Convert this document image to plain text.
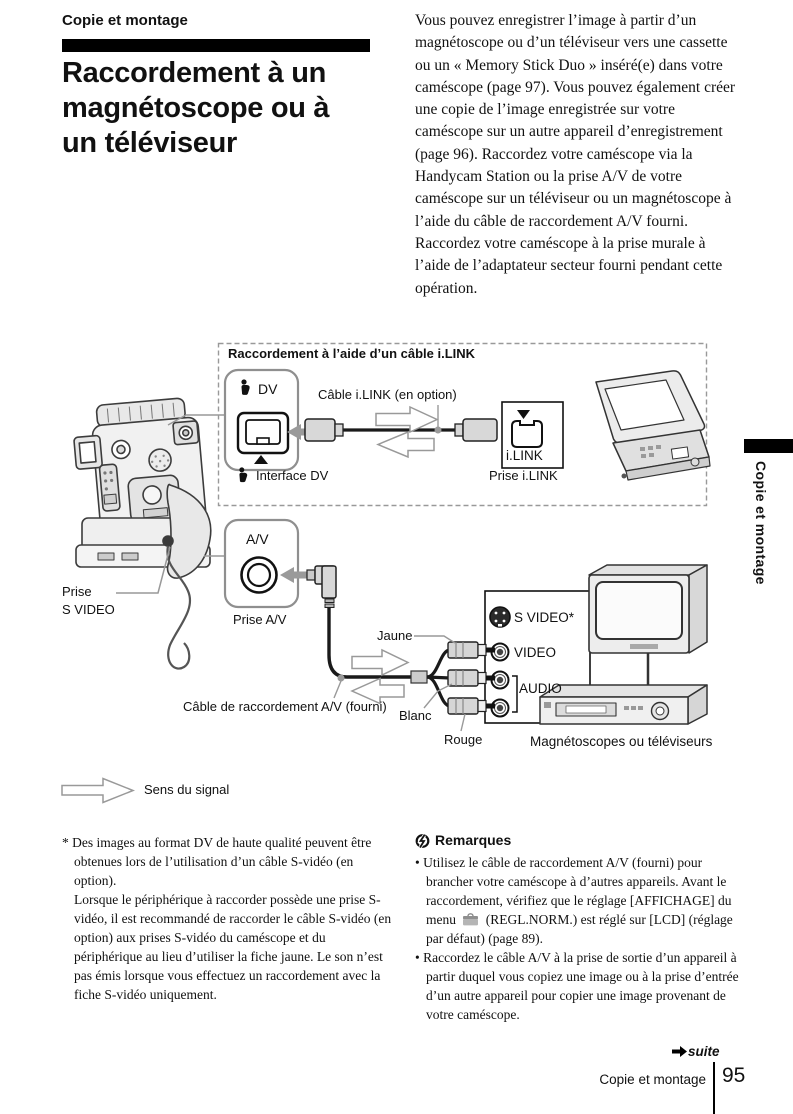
Copie et montage
Raccordement à un
magnétoscope ou à
un téléviseur
Vous pouvez enregistrer l’image à partir d’un magnétoscope ou d’un téléviseur vers une cassette ou un « Memory Stick Duo » inséré(e) dans votre caméscope (page 97). Vous pouvez également créer une copie de l’image enregistrée sur votre caméscope sur un autre appareil d’enregistrement (page 96). Raccordez votre caméscope via la Handycam Station ou la prise A/V de votre caméscope sur un téléviseur ou un magnétoscope à l’aide du câble de raccordement A/V fourni. Raccordez votre caméscope à la prise murale à l’aide de l’adaptateur secteur fourni pendant cette opération.
Raccordement à l’aide d’un câble i.LINK
DV	Câble i.LINK (en option)
Interface DV
i.LINK
Prise i.LINK
A/V
Prise A/V
Prise
S VIDEO
Jaune
Câble de raccordement A/V (fourni)
Blanc
Rouge
S VIDEO*
VIDEO
AUDIO
Magnétoscopes ou téléviseurs
Sens du signal

* Des images au format DV de haute qualité peuvent être obtenues lors de l’utilisation d’un câble S-vidéo (en option).

Lorsque le périphérique à raccorder possède une prise S-vidéo, il est recommandé de raccorder le câble S-vidéo (en option) aux prises S-vidéo du caméscope et du périphérique au lieu d’utiliser la fiche jaune. Le son n’est pas émis lorsque vous effectuez un raccordement avec la fiche S-vidéo uniquement.

Remarques

• Utilisez le câble de raccordement A/V (fourni) pour brancher votre caméscope à d’autres appareils. Avant le raccordement, vérifiez que le réglage [AFFICHAGE] du menu (REGL.NORM.) est réglé sur [LCD] (réglage par défaut) (page 89).

• Raccordez le câble A/V à la prise de sortie d’un appareil à partir duquel vous copiez une image ou à la prise d’entrée d’un autre appareil pour copier une image provenant de votre caméscope.

suite
Copie et montage 95
Copie et montage
